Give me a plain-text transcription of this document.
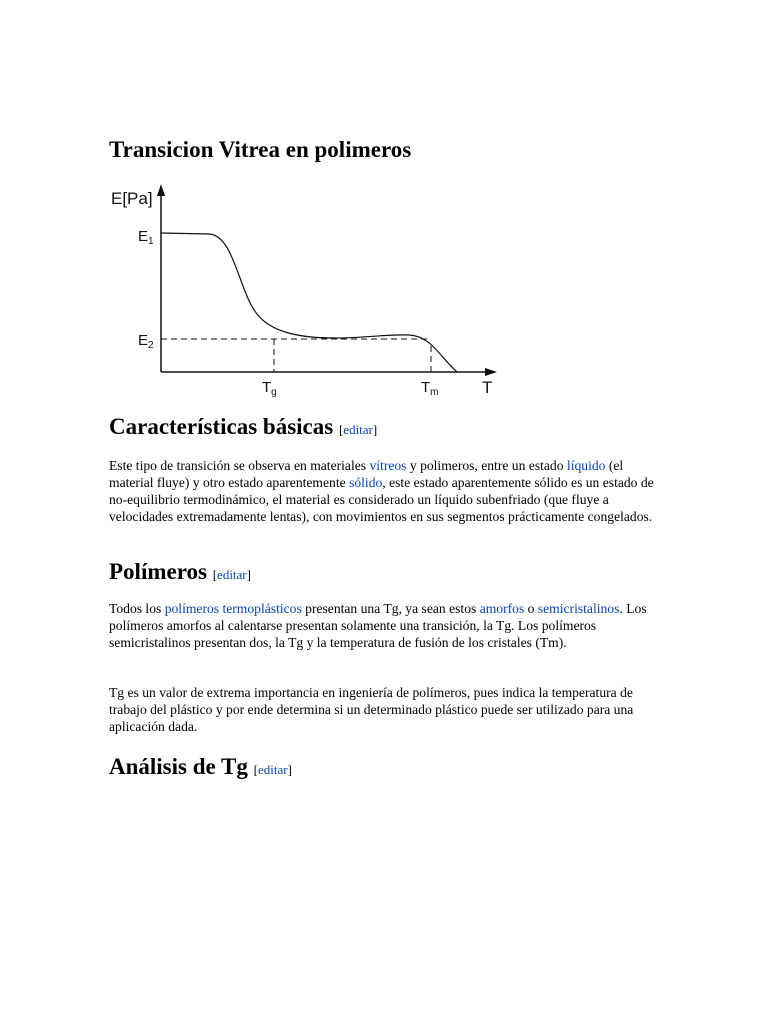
Transicion Vitrea en polimeros
E[Pa]
$E_1$
$E_2$
$T_g$	$T_m$	T
Características básicas [editar]

Este tipo de transición se observa en materiales vítreos y polimeros, entre un estado líquido (el material fluye) y otro estado aparentemente sólido, este estado aparentemente sólido es un estado de no-equilibrio termodinámico, el material es considerado un líquido subenfriado (que fluye a velocidades extremadamente lentas), con movimientos en sus segmentos prácticamente congelados.

Polímeros [editar]

Todos los polímeros termoplásticos presentan una Tg, ya sean estos amorfos o semicristalinos. Los polímeros amorfos al calentarse presentan solamente una transición, la Tg. Los polímeros semicristalinos presentan dos, la Tg y la temperatura de fusión de los cristales (Tm).

Tg es un valor de extrema importancia en ingeniería de polímeros, pues indica la temperatura de trabajo del plástico y por ende determina si un determinado plástico puede ser utilizado para una aplicación dada.

Análisis de Tg [editar]
